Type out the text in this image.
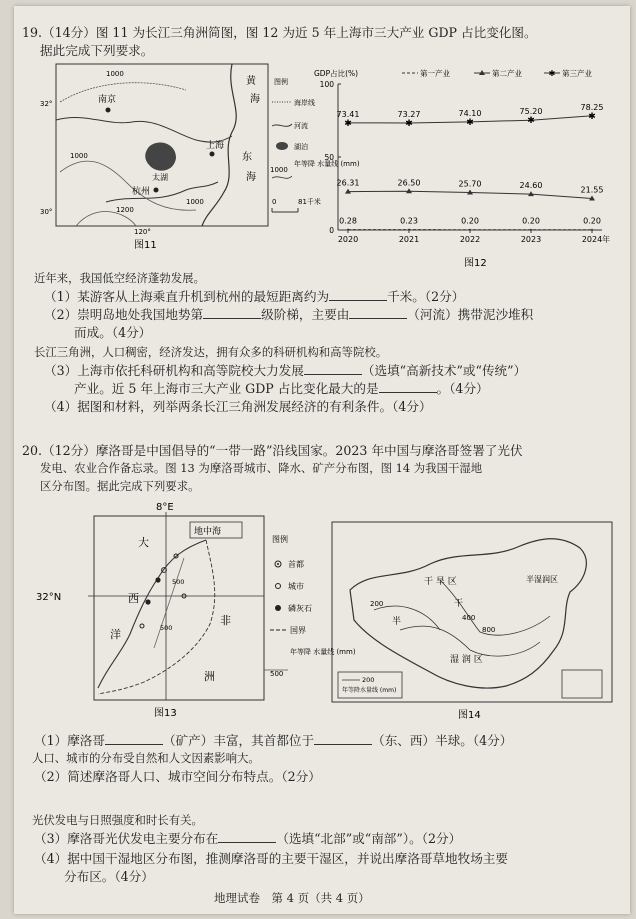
19.（14分）图 11 为长江三角洲简图，图 12 为近 5 年上海市三大产业 GDP 占比变化图。
据此完成下列要求。
南京
上海
杭州
太湖
黄
海
东
海
1000
1000
1200
1000
32°
30°
120°
图11
图例
海岸线
河流
湖泊
1000
年等降 水量线 (mm)
0	81千米
GDP占比(%)
图12
年
第一产业	第二产业	✱ 第三产业
0
50
100
2020	2021	2022	2023	2024
0.28	0.23	0.20	0.20	0.20
26.31	26.50	25.70	24.60	21.55
✱
73.41
✱
73.27
✱
74.10
✱
75.20
✱
78.25
近年来，我国低空经济蓬勃发展。
（1）某游客从上海乘直升机到杭州的最短距离约为	千米。（2分）
（2）崇明岛地处我国地势第	级阶梯，主要由	（河流）携带泥沙堆积
而成。（4分）
长江三角洲，人口稠密，经济发达，拥有众多的科研机构和高等院校。
（3）上海市依托科研机构和高等院校大力发展	（选填“高新技术”或“传统”）
产业。近 5 年上海市三大产业 GDP 占比变化最大的是	。（4分）
（4）据图和材料，列举两条长江三角洲发展经济的有利条件。（4分）
20.（12分）摩洛哥是中国倡导的“一带一路”沿线国家。2023 年中国与摩洛哥签署了光伏
发电、农业合作备忘录。图 13 为摩洛哥城市、降水、矿产分布图，图 14 为我国干湿地
区分布图。据此完成下列要求。
8°E
32°N
地中海
500
500
大
西
洋
非
洲
图13
图例
首都
城市
磷灰石
国界
年等降 水量线 (mm)
500
干 旱 区
湿 润 区
半湿润区
半
干
200
400
800
200
年等降水量线 (mm)
图14
（1）摩洛哥	（矿产）丰富，其首都位于	（东、西）半球。（4分）
人口、城市的分布受自然和人文因素影响大。
（2）简述摩洛哥人口、城市空间分布特点。（2分）
光伏发电与日照强度和时长有关。
（3）摩洛哥光伏发电主要分布在	（选填“北部”或“南部”）。（2分）
（4）据中国干湿地区分布图，推测摩洛哥的主要干湿区，并说出摩洛哥草地牧场主要
分布区。（4分）
地理试卷　第 4 页（共 4 页）
